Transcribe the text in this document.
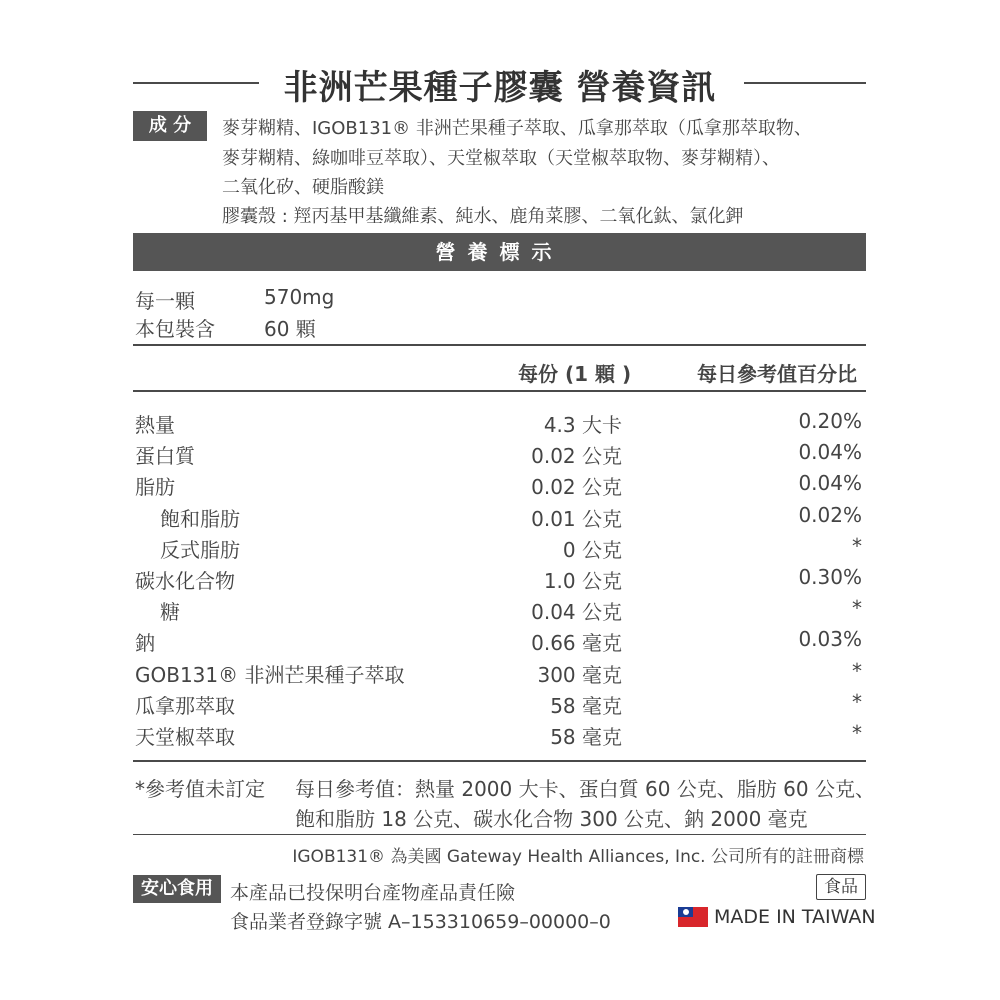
非洲芒果種子膠囊 營養資訊
成 分	麥芽糊精、IGOB131® 非洲芒果種子萃取、瓜拿那萃取（瓜拿那萃取物、
麥芽糊精、綠咖啡豆萃取）、天堂椒萃取（天堂椒萃取物、麥芽糊精）、
二氧化矽、硬脂酸鎂
膠囊殼 : 羥丙基甲基纖維素、純水、鹿角菜膠、二氧化鈦、氯化鉀
營養標示
每一顆	570mg
本包裝含 60 顆
每份 (1 顆 )	每日參考值百分比
熱量	4.3 大卡	0.20%
蛋白質	0.02 公克	0.04%
脂肪	0.02 公克	0.04%
飽和脂肪	0.01 公克	0.02%
反式脂肪	0 公克	*
碳水化合物	1.0 公克	0.30%
糖	0.04 公克	*
鈉	0.66 毫克	0.03%
GOB131® 非洲芒果種子萃取	300 毫克	*
瓜拿那萃取	58 毫克	*
天堂椒萃取	58 毫克	*
*參考值未訂定 每日參考值：熱量 2000 大卡、蛋白質 60 公克、脂肪 60 公克、
飽和脂肪 18 公克、碳水化合物 300 公克、鈉 2000 毫克
IGOB131® 為美國 Gateway Health Alliances, Inc. 公司所有的註冊商標
安心食用 本產品已投保明台產物產品責任險
食品業者登錄字號 A–153310659–00000–0
食品
MADE IN TAIWAN
